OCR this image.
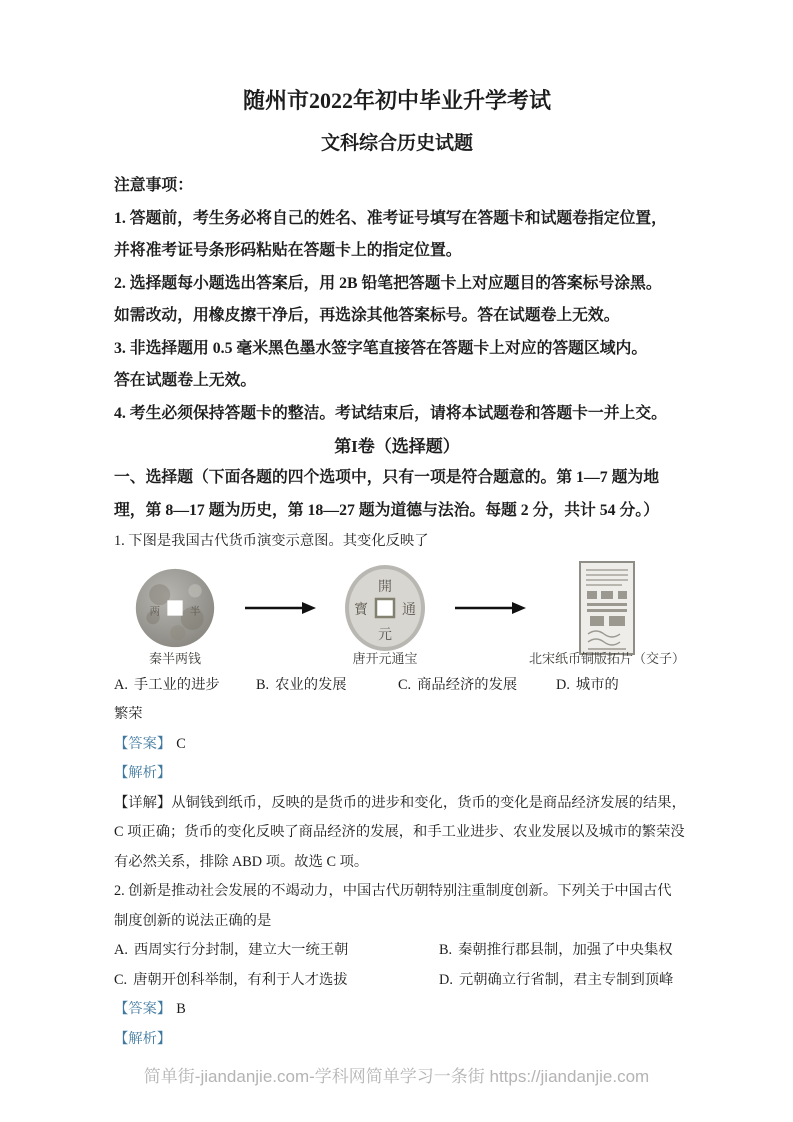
随州市2022年初中毕业升学考试
文科综合历史试题

注意事项：

1. 答题前，考生务必将自己的姓名、准考证号填写在答题卡和试题卷指定位置，

并将准考证号条形码粘贴在答题卡上的指定位置。

2. 选择题每小题选出答案后，用 2B 铅笔把答题卡上对应题目的答案标号涂黑。

如需改动，用橡皮擦干净后，再选涂其他答案标号。答在试题卷上无效。

3. 非选择题用 0.5 毫米黑色墨水签字笔直接答在答题卡上对应的答题区域内。

答在试题卷上无效。

4. 考生必须保持答题卡的整洁。考试结束后，请将本试题卷和答题卡一并上交。

第I卷（选择题）

一、选择题（下面各题的四个选项中，只有一项是符合题意的。第 1—7 题为地

理，第 8—17 题为历史，第 18—27 题为道德与法治。每题 2 分，共计 54 分。）

1. 下图是我国古代货币演变示意图。其变化反映了

两	半
秦半两钱
開
元
通
寳
唐开元通宝	北宋纸币铜版拓片（交子）
A. 手工业的进步	B. 农业的发展	C. 商品经济的发展	D. 城市的

繁荣

【答案】 C

【解析】

【详解】从铜钱到纸币，反映的是货币的进步和变化，货币的变化是商品经济发展的结果，

C 项正确；货币的变化反映了商品经济的发展，和手工业进步、农业发展以及城市的繁荣没

有必然关系，排除 ABD 项。故选 C 项。

2. 创新是推动社会发展的不竭动力，中国古代历朝特别注重制度创新。下列关于中国古代

制度创新的说法正确的是

A. 西周实行分封制，建立大一统王朝	B. 秦朝推行郡县制，加强了中央集权
C. 唐朝开创科举制，有利于人才选拔	D. 元朝确立行省制，君主专制到顶峰

【答案】 B

【解析】

简单街-jiandanjie.com-学科网简单学习一条街 https://jiandanjie.com
